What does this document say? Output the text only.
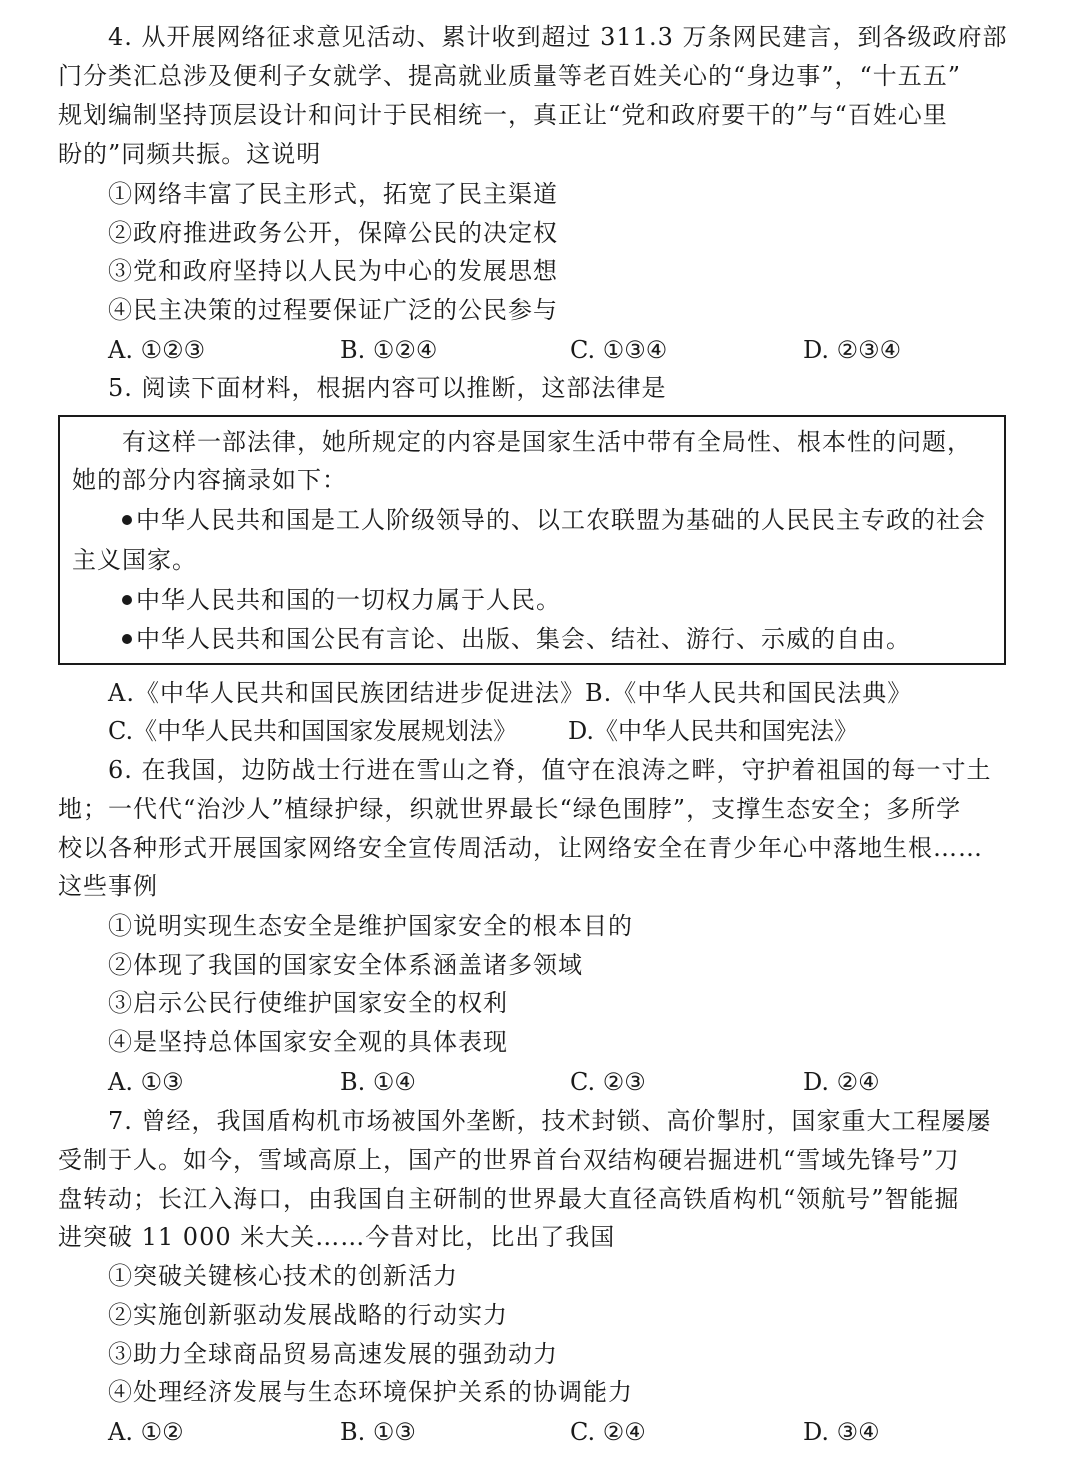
4. 从开展网络征求意见活动、累计收到超过 311.3 万条网民建言，到各级政府部
门分类汇总涉及便利子女就学、提高就业质量等老百姓关心的“身边事”，“十五五”
规划编制坚持顶层设计和问计于民相统一，真正让“党和政府要干的”与“百姓心里
盼的”同频共振。这说明
①网络丰富了民主形式，拓宽了民主渠道
②政府推进政务公开，保障公民的决定权
③党和政府坚持以人民为中心的发展思想
④民主决策的过程要保证广泛的公民参与
A. ①②③	B. ①②④	C. ①③④	D. ②③④
5. 阅读下面材料，根据内容可以推断，这部法律是
有这样一部法律，她所规定的内容是国家生活中带有全局性、根本性的问题，
她的部分内容摘录如下：
中华人民共和国是工人阶级领导的、以工农联盟为基础的人民民主专政的社会
主义国家。
中华人民共和国的一切权力属于人民。
中华人民共和国公民有言论、出版、集会、结社、游行、示威的自由。
A.《中华人民共和国民族团结进步促进法》B.《中华人民共和国民法典》
C.《中华人民共和国国家发展规划法》 D.《中华人民共和国宪法》
6. 在我国，边防战士行进在雪山之脊，值守在浪涛之畔，守护着祖国的每一寸土
地；一代代“治沙人”植绿护绿，织就世界最长“绿色围脖”，支撑生态安全；多所学
校以各种形式开展国家网络安全宣传周活动，让网络安全在青少年心中落地生根……
这些事例
①说明实现生态安全是维护国家安全的根本目的
②体现了我国的国家安全体系涵盖诸多领域
③启示公民行使维护国家安全的权利
④是坚持总体国家安全观的具体表现
A. ①③	B. ①④	C. ②③	D. ②④
7. 曾经，我国盾构机市场被国外垄断，技术封锁、高价掣肘，国家重大工程屡屡
受制于人。如今，雪域高原上，国产的世界首台双结构硬岩掘进机“雪域先锋号”刀
盘转动；长江入海口，由我国自主研制的世界最大直径高铁盾构机“领航号”智能掘
进突破 11 000 米大关……今昔对比，比出了我国
①突破关键核心技术的创新活力
②实施创新驱动发展战略的行动实力
③助力全球商品贸易高速发展的强劲动力
④处理经济发展与生态环境保护关系的协调能力
A. ①②	B. ①③	C. ②④	D. ③④
